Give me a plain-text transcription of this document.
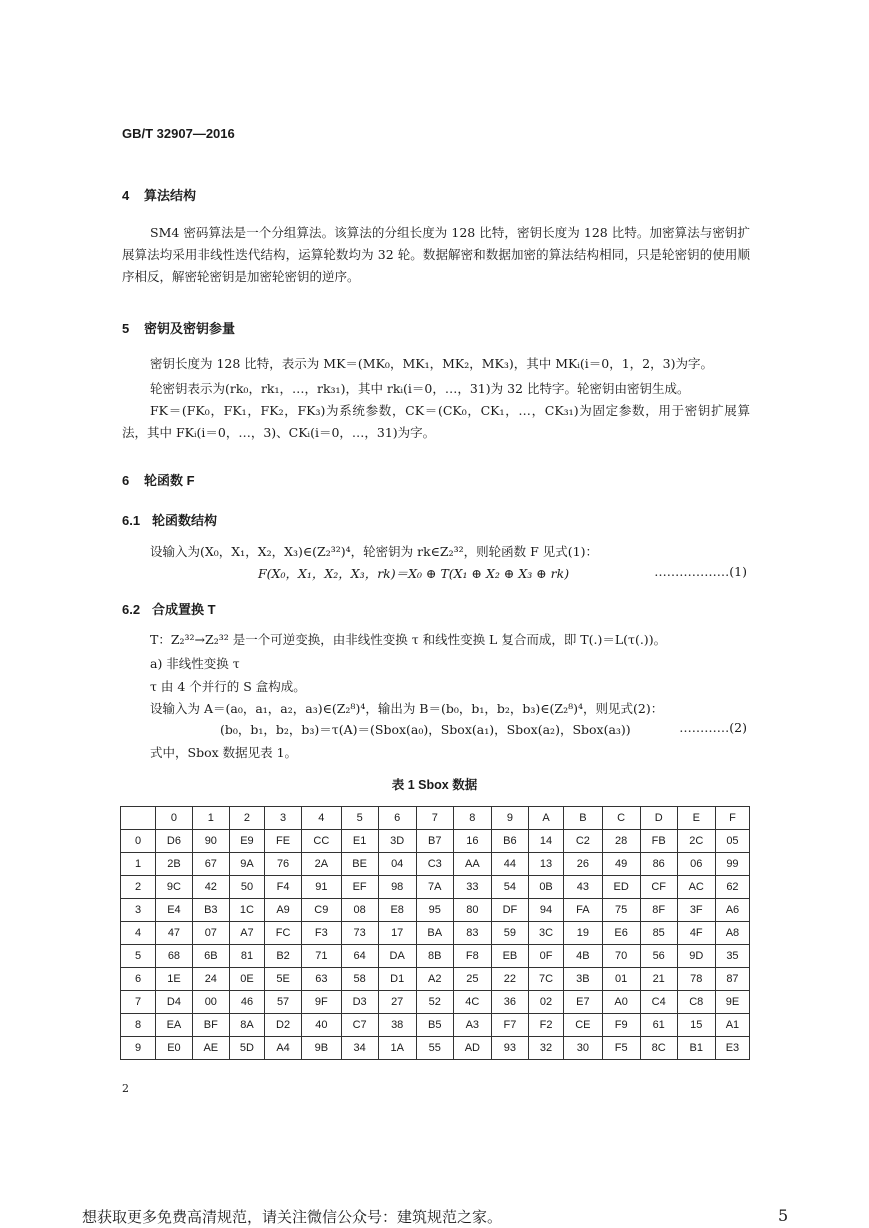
GB/T 32907—2016
4 算法结构
SM4 密码算法是一个分组算法。该算法的分组长度为 128 比特，密钥长度为 128 比特。加密算法与密钥扩展算法均采用非线性迭代结构，运算轮数均为 32 轮。数据解密和数据加密的算法结构相同，只是轮密钥的使用顺序相反，解密轮密钥是加密轮密钥的逆序。
5 密钥及密钥参量
密钥长度为 128 比特，表示为 MK＝(MK₀，MK₁，MK₂，MK₃)，其中 MKᵢ(i＝0，1，2，3)为字。
轮密钥表示为(rk₀，rk₁，…，rk₃₁)，其中 rkᵢ(i＝0，…，31)为 32 比特字。轮密钥由密钥生成。
FK＝(FK₀，FK₁，FK₂，FK₃)为系统参数，CK＝(CK₀，CK₁，…，CK₃₁)为固定参数，用于密钥扩展算法，其中 FKᵢ(i＝0，…，3)、CKᵢ(i＝0，…，31)为字。
6 轮函数 F
6.1 轮函数结构
设输入为(X₀，X₁，X₂，X₃)∈(Z₂³²)⁴，轮密钥为 rk∈Z₂³²，则轮函数 F 见式(1)：
F(X₀，X₁，X₂，X₃，rk)＝X₀ ⊕ T(X₁ ⊕ X₂ ⊕ X₃ ⊕ rk)	………………(1)
6.2 合成置换 T
T：Z₂³²→Z₂³² 是一个可逆变换，由非线性变换 τ 和线性变换 L 复合而成，即 T(.)＝L(τ(.))。
a) 非线性变换 τ
τ 由 4 个并行的 S 盒构成。
设输入为 A＝(a₀，a₁，a₂，a₃)∈(Z₂⁸)⁴，输出为 B＝(b₀，b₁，b₂，b₃)∈(Z₂⁸)⁴，则见式(2)：
(b₀，b₁，b₂，b₃)＝τ(A)＝(Sbox(a₀)，Sbox(a₁)，Sbox(a₂)，Sbox(a₃))	…………(2)
式中，Sbox 数据见表 1。
表 1 Sbox 数据
	0	1	2	3	4	5	6	7	8	9	A	B	C	D	E	F
0	D6	90	E9	FE	CC	E1	3D	B7	16	B6	14	C2	28	FB	2C	05
1	2B	67	9A	76	2A	BE	04	C3	AA	44	13	26	49	86	06	99
2	9C	42	50	F4	91	EF	98	7A	33	54	0B	43	ED	CF	AC	62
3	E4	B3	1C	A9	C9	08	E8	95	80	DF	94	FA	75	8F	3F	A6
4	47	07	A7	FC	F3	73	17	BA	83	59	3C	19	E6	85	4F	A8
5	68	6B	81	B2	71	64	DA	8B	F8	EB	0F	4B	70	56	9D	35
6	1E	24	0E	5E	63	58	D1	A2	25	22	7C	3B	01	21	78	87
7	D4	00	46	57	9F	D3	27	52	4C	36	02	E7	A0	C4	C8	9E
8	EA	BF	8A	D2	40	C7	38	B5	A3	F7	F2	CE	F9	61	15	A1
9	E0	AE	5D	A4	9B	34	1A	55	AD	93	32	30	F5	8C	B1	E3
2
想获取更多免费高清规范，请关注微信公众号：建筑规范之家。	5
